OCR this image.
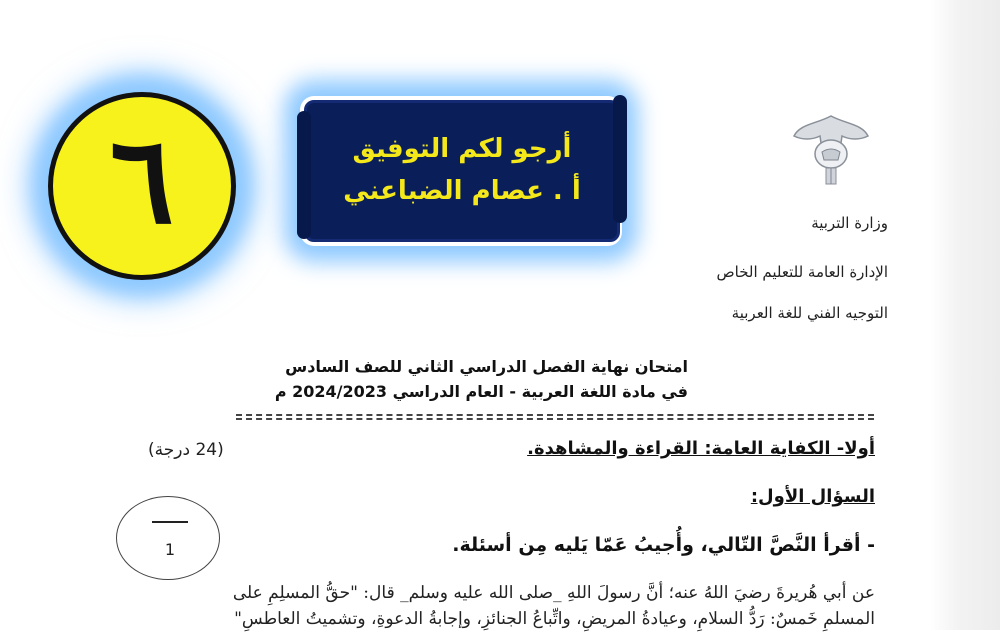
٦	أرجو لكم التوفيق
أ . عصام الضباعني
وزارة التربية
الإدارة العامة للتعليم الخاص
التوجيه الفني للغة العربية
امتحان نهاية الفصل الدراسي الثاني للصف السادس
في مادة اللغة العربية - العام الدراسي 2024/2023 م
أولا- الكفاية العامة: القراءة والمشاهدة.
(24 درجة)
السؤال الأول:
1	- أقرأ النَّصَّ التّالي، وأُجيبُ عَمّا يَليه مِن أسئلة.
عن أبي هُريرةَ رضيَ اللهُ عنه؛ أنَّ رسولَ اللهِ _صلى الله عليه وسلم_ قال: "حقُّ المسلِمِ على
المسلمِ خَمسٌ: رَدُّ السلامِ، وعيادةُ المريضِ، واتِّباعُ الجنائزِ، وإجابةُ الدعوةِ، وتشميتُ العاطسِ"
